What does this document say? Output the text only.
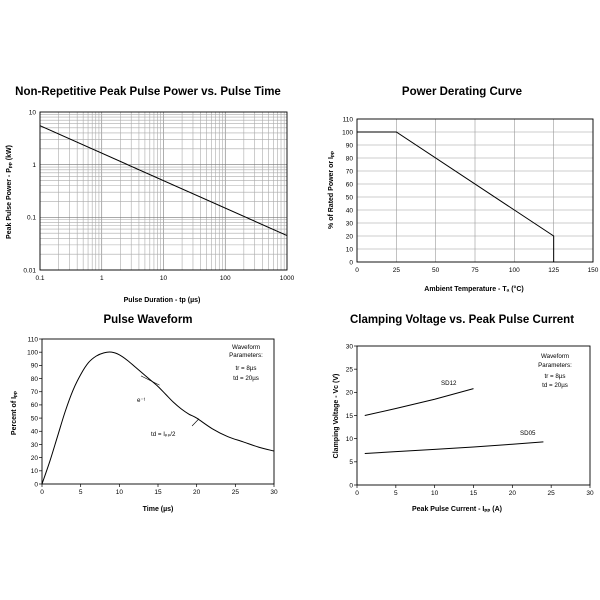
Non-Repetitive Peak Pulse Power vs. Pulse Time	Power Derating Curve
Pulse Waveform	Clamping Voltage vs. Peak Pulse Current
Pulse Duration - tp (µs)
Peak Pulse Power - Pₚₚ (kW)
Ambient Temperature - Tₐ (°C)
% of Rated Power or Iₚₚ
Time (µs)
Percent of Iₚₚ
Peak Pulse Current - Iₚₚ (A)
Clamping Voltage - Vᴄ (V)	SD12
SD05
e⁻ᵗ
td = Iₚₚ/2
Waveform
Parameters:
tr = 8µs
td = 20µs
Waveform
Parameters:
tr = 8µs
td = 20µs
0.1	1	10	100	1000
0.01
0.1
1
10
0	25	50	75	100	125	150
0
10
20
30
40
50
60
70
80
90
100
110
0	5	10	15	20	25	30
0
10
20
30
40
50
60
70
80
90
100
110
0	5	10	15	20	25	30
0
5
10
15
20
25
30
